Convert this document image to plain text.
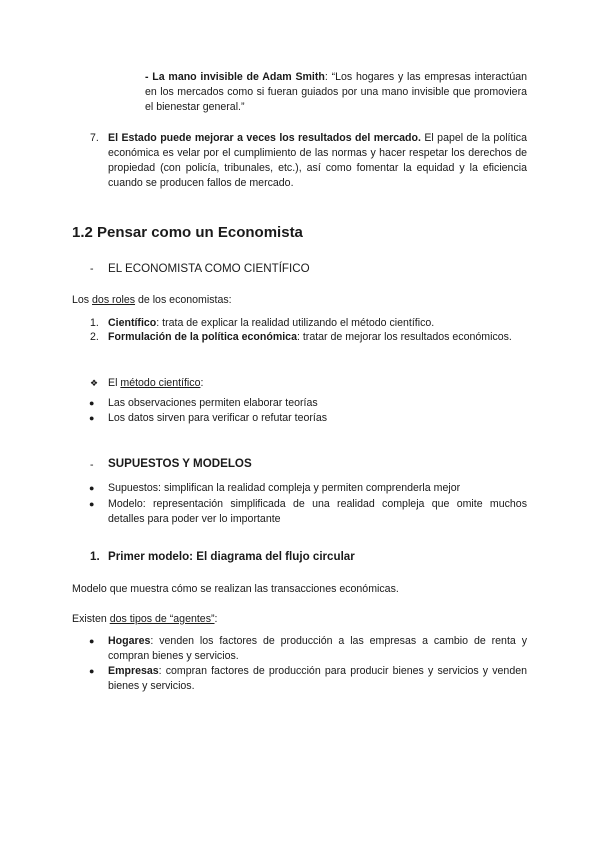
- La mano invisible de Adam Smith: “Los hogares y las empresas interactúan en los mercados como si fueran guiados por una mano invisible que promoviera el bienestar general.”
7. El Estado puede mejorar a veces los resultados del mercado. El papel de la política económica es velar por el cumplimiento de las normas y hacer respetar los derechos de propiedad (con policía, tribunales, etc.), así como fomentar la equidad y la eficiencia cuando se producen fallos de mercado.
1.2 Pensar como un Economista
- EL ECONOMISTA COMO CIENTÍFICO
Los dos roles de los economistas:
1. Científico: trata de explicar la realidad utilizando el método científico.
2. Formulación de la política económica: tratar de mejorar los resultados económicos.
❖ El método científico:
● Las observaciones permiten elaborar teorías
● Los datos sirven para verificar o refutar teorías
- SUPUESTOS Y MODELOS
● Supuestos: simplifican la realidad compleja y permiten comprenderla mejor
● Modelo: representación simplificada de una realidad compleja que omite muchos detalles para poder ver lo importante
1. Primer modelo: El diagrama del flujo circular
Modelo que muestra cómo se realizan las transacciones económicas.
Existen dos tipos de “agentes”:
● Hogares: venden los factores de producción a las empresas a cambio de renta y compran bienes y servicios.
● Empresas: compran factores de producción para producir bienes y servicios y venden bienes y servicios.
